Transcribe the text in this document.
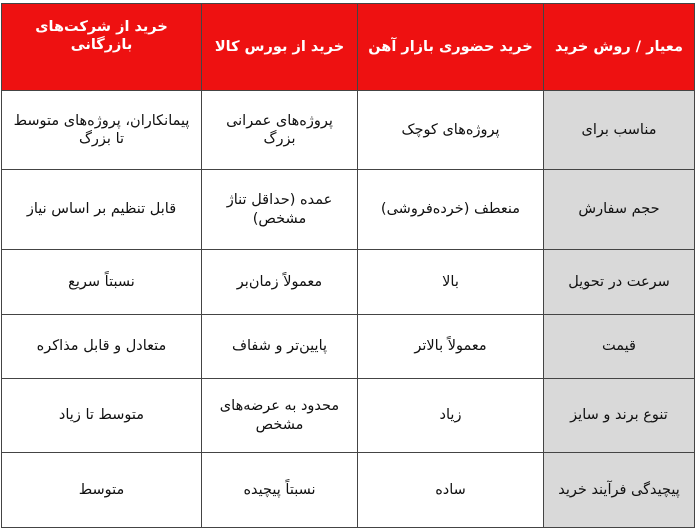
معیار / روش خرید	خرید حضوری بازار آهن	خرید از بورس کالا	خرید از شرکت‌های بازرگانی
مناسب برای	پروژه‌های کوچک	پروژه‌های عمرانی بزرگ	پیمانکاران، پروژه‌های متوسط تا بزرگ
حجم سفارش	منعطف (خرده‌فروشی)	عمده (حداقل تناژ مشخص)	قابل تنظیم بر اساس نیاز
سرعت در تحویل	بالا	معمولاً زمان‌بر	نسبتاً سریع
قیمت	معمولاً بالاتر	پایین‌تر و شفاف	متعادل و قابل مذاکره
تنوع برند و سایز	زیاد	محدود به عرضه‌های مشخص	متوسط تا زیاد
پیچیدگی فرآیند خرید	ساده	نسبتاً پیچیده	متوسط
